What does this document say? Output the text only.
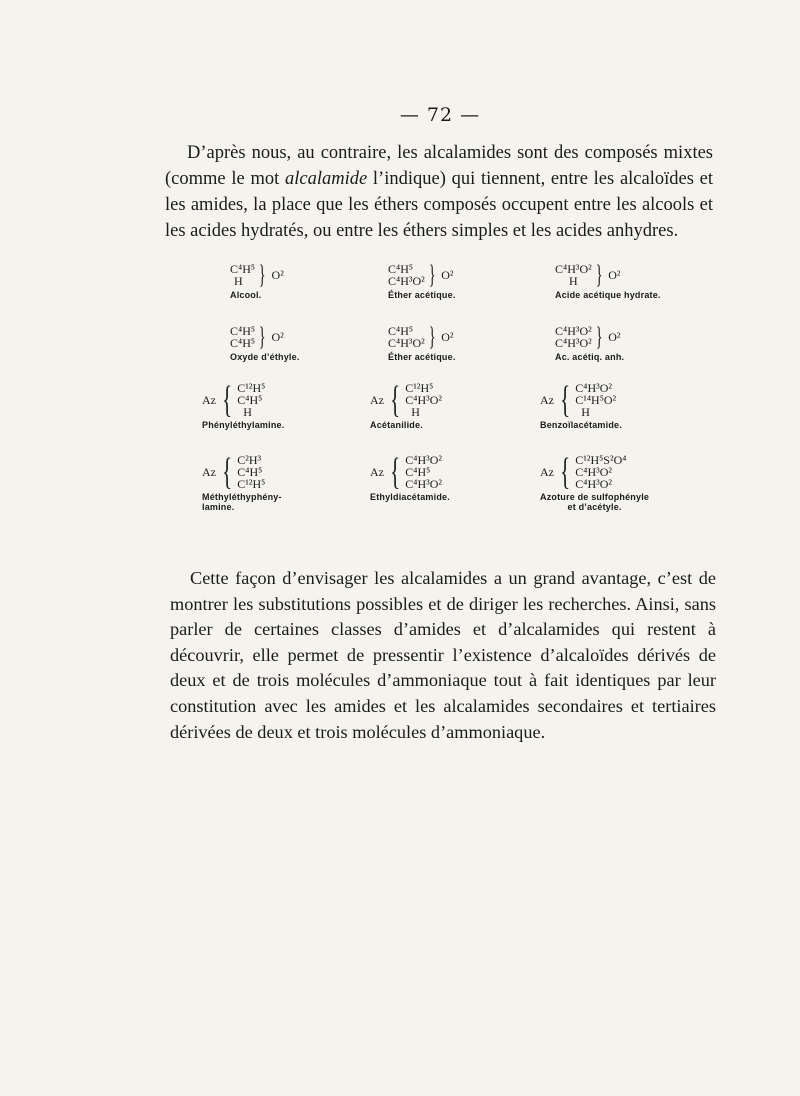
— 72 —

D’après nous, au contraire, les alcalamides sont des composés mixtes (comme le mot alcalamide l’indique) qui tiennent, entre les alcaloïdes et les amides, la place que les éthers composés occupent entre les alcools et les acides hydratés, ou entre les éthers simples et les acides anhydres.

C⁴H⁵
H } O²
Alcool.
C⁴H⁵
C⁴H³O² } O²
Éther acétique.
C⁴H³O²
H } O²
Acide acétique hydrate.
C⁴H⁵
C⁴H⁵ } O²
Oxyde d’éthyle.
C⁴H⁵
C⁴H³O² } O²
Éther acétique.
C⁴H³O²
C⁴H³O² } O²
Ac. acétiq. anh.
Az { C¹²H⁵
C⁴H⁵
H
Phényléthylamine.
Az { C¹²H⁵
C⁴H³O²
H
Acétanilide.
Az { C⁴H³O²
C¹⁴H⁵O²
H
Benzoïlacétamide.
Az { C²H³
C⁴H⁵
C¹²H⁵
Méthyléthyphény-
lamine.
Az { C⁴H³O²
C⁴H⁵
C⁴H³O²
Ethyldiacétamide.
Az { C¹²H⁵S²O⁴
C⁴H³O²
C⁴H³O²
Azoture de sulfophényle
et d’acétyle.

Cette façon d’envisager les alcalamides a un grand avantage, c’est de montrer les substitutions possibles et de diriger les recherches. Ainsi, sans parler de certaines classes d’amides et d’alcalamides qui restent à découvrir, elle permet de pressentir l’existence d’alcaloïdes dérivés de deux et de trois molécules d’ammoniaque tout à fait identiques par leur constitution avec les amides et les alcalamides secondaires et tertiaires dérivées de deux et trois molécules d’ammoniaque.
